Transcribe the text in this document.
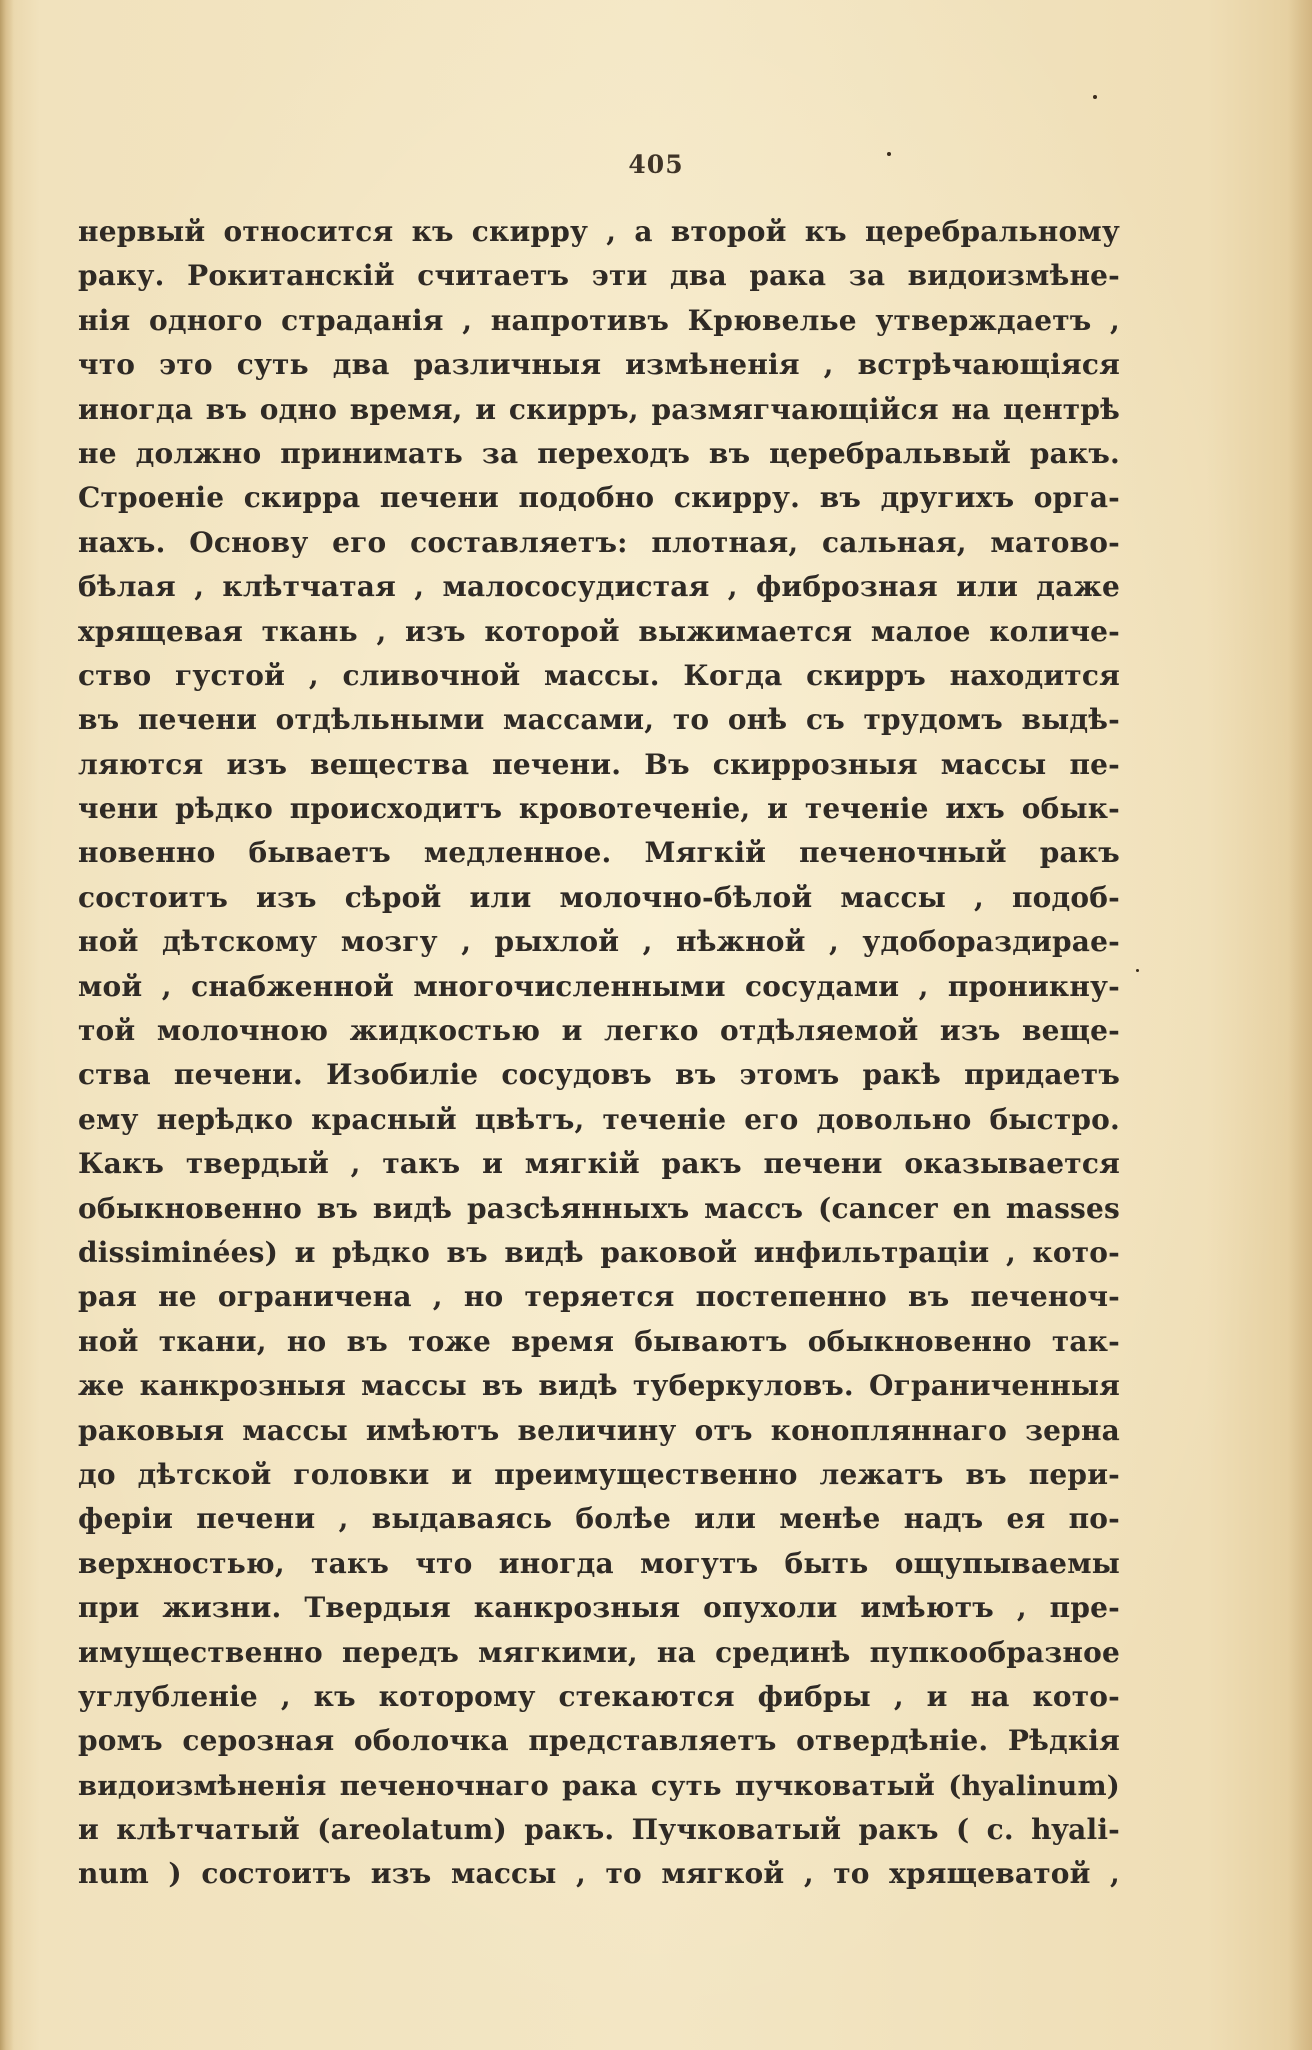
405
нервый относится къ скирру , а второй къ церебральному
раку. Рокитанскій считаетъ эти два рака за видоизмѣне-
нія одного страданія , напротивъ Крювелье утверждаетъ ,
что это суть два различныя измѣненія , встрѣчающіяся
иногда въ одно время, и скирръ, размягчающійся на центрѣ
не должно принимать за переходъ въ церебральвый ракъ.
Строеніе скирра печени подобно скирру. въ другихъ орга-
нахъ. Основу его составляетъ: плотная, сальная, матово-
бѣлая , клѣтчатая , малососудистая , фиброзная или даже
хрящевая ткань , изъ которой выжимается малое количе-
ство густой , сливочной массы. Когда скирръ находится
въ печени отдѣльными массами, то онѣ съ трудомъ выдѣ-
ляются изъ вещества печени. Въ скиррозныя массы пе-
чени рѣдко происходитъ кровотеченіе, и теченіе ихъ обык-
новенно бываетъ медленное. Мягкій печеночный ракъ
состоитъ изъ сѣрой или молочно-бѣлой массы , подоб-
ной дѣтскому мозгу , рыхлой , нѣжной , удобораздирае-
мой , снабженной многочисленными сосудами , проникну-
той молочною жидкостью и легко отдѣляемой изъ веще-
ства печени. Изобиліе сосудовъ въ этомъ ракѣ придаетъ
ему нерѣдко красный цвѣтъ, теченіе его довольно быстро.
Какъ твердый , такъ и мягкій ракъ печени оказывается
обыкновенно въ видѣ разсѣянныхъ массъ (cancer en masses
dissiminées) и рѣдко въ видѣ раковой инфильтраціи , кото-
рая не ограничена , но теряется постепенно въ печеноч-
ной ткани, но въ тоже время бываютъ обыкновенно так-
же канкрозныя массы въ видѣ туберкуловъ. Ограниченныя
раковыя массы имѣютъ величину отъ конопляннаго зерна
до дѣтской головки и преимущественно лежатъ въ пери-
феріи печени , выдаваясь болѣе или менѣе надъ ея по-
верхностью, такъ что иногда могутъ быть ощупываемы
при жизни. Твердыя канкрозныя опухоли имѣютъ , пре-
имущественно передъ мягкими, на срединѣ пупкообразное
углубленіе , къ которому стекаются фибры , и на кото-
ромъ серозная оболочка представляетъ отвердѣніе. Рѣдкія
видоизмѣненія печеночнаго рака суть пучковатый (hyalinum)
и клѣтчатый (areolatum) ракъ. Пучковатый ракъ ( c. hyali-
num ) состоитъ изъ массы , то мягкой , то хрящеватой ,
